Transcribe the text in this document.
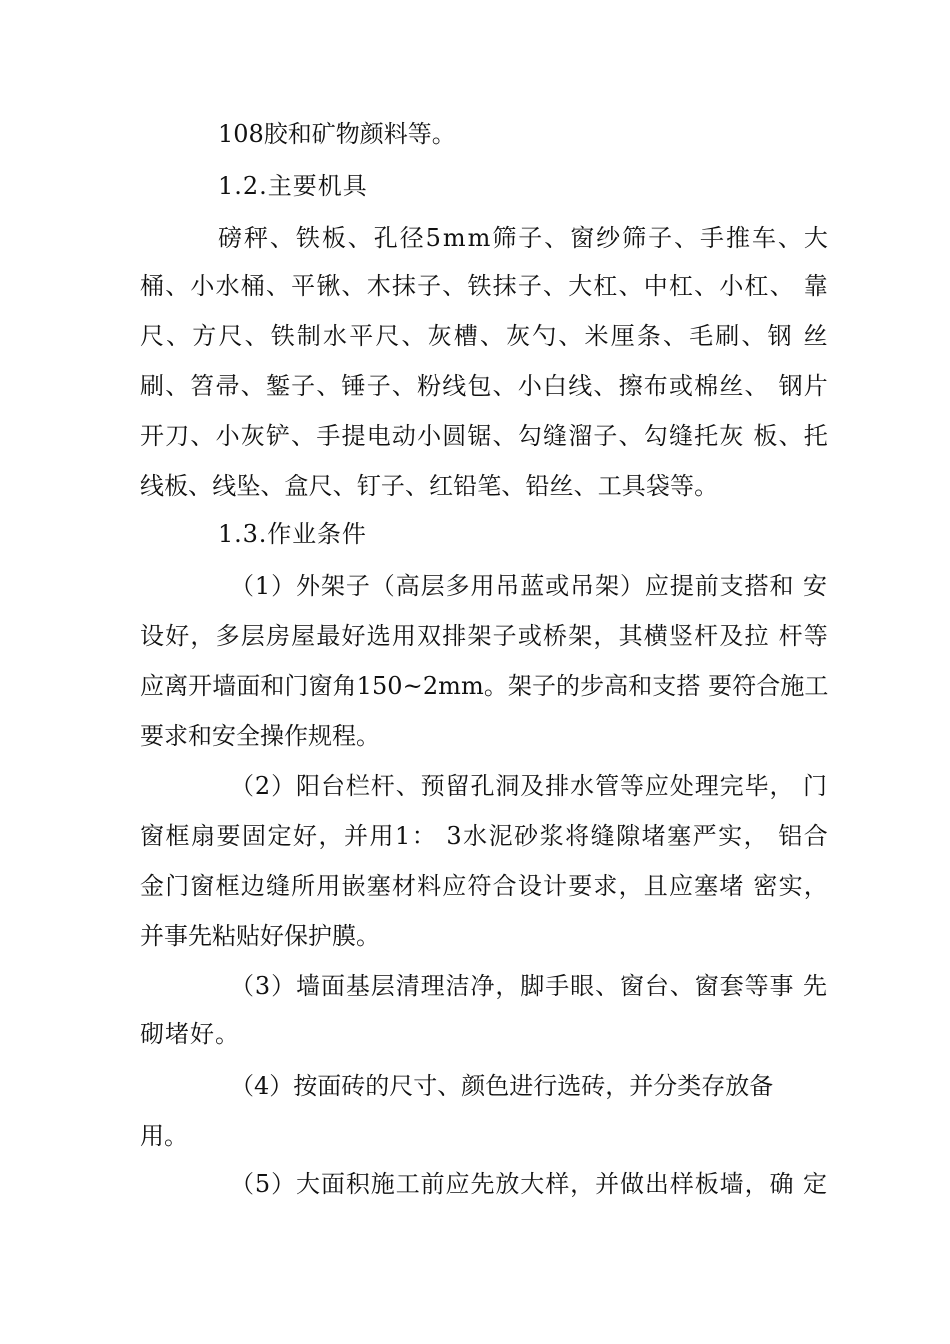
108胶和矿物颜料等。
1.2.主要机具
磅秤、铁板、孔径5mm筛子、窗纱筛子、手推车、大
桶、小水桶、平锹、木抹子、铁抹子、大杠、中杠、小杠、 靠
尺、方尺、铁制水平尺、灰槽、灰勺、米厘条、毛刷、钢 丝
刷、笤帚、錾子、锤子、粉线包、小白线、擦布或棉丝、 钢片
开刀、小灰铲、手提电动小圆锯、勾缝溜子、勾缝托灰 板、托
线板、线坠、盒尺、钉子、红铅笔、铅丝、工具袋等。
1.3.作业条件
（1）外架子（高层多用吊蓝或吊架）应提前支搭和 安
设好，多层房屋最好选用双排架子或桥架，其横竖杆及拉 杆等
应离开墙面和门窗角150~2mm。架子的步高和支搭 要符合施工
要求和安全操作规程。
（2）阳台栏杆、预留孔洞及排水管等应处理完毕， 门
窗框扇要固定好，并用1： 3水泥砂浆将缝隙堵塞严实， 铝合
金门窗框边缝所用嵌塞材料应符合设计要求，且应塞堵 密实，
并事先粘贴好保护膜。
（3）墙面基层清理洁净，脚手眼、窗台、窗套等事 先
砌堵好。
（4）按面砖的尺寸、颜色进行选砖，并分类存放备
用。
（5）大面积施工前应先放大样，并做出样板墙，确 定
